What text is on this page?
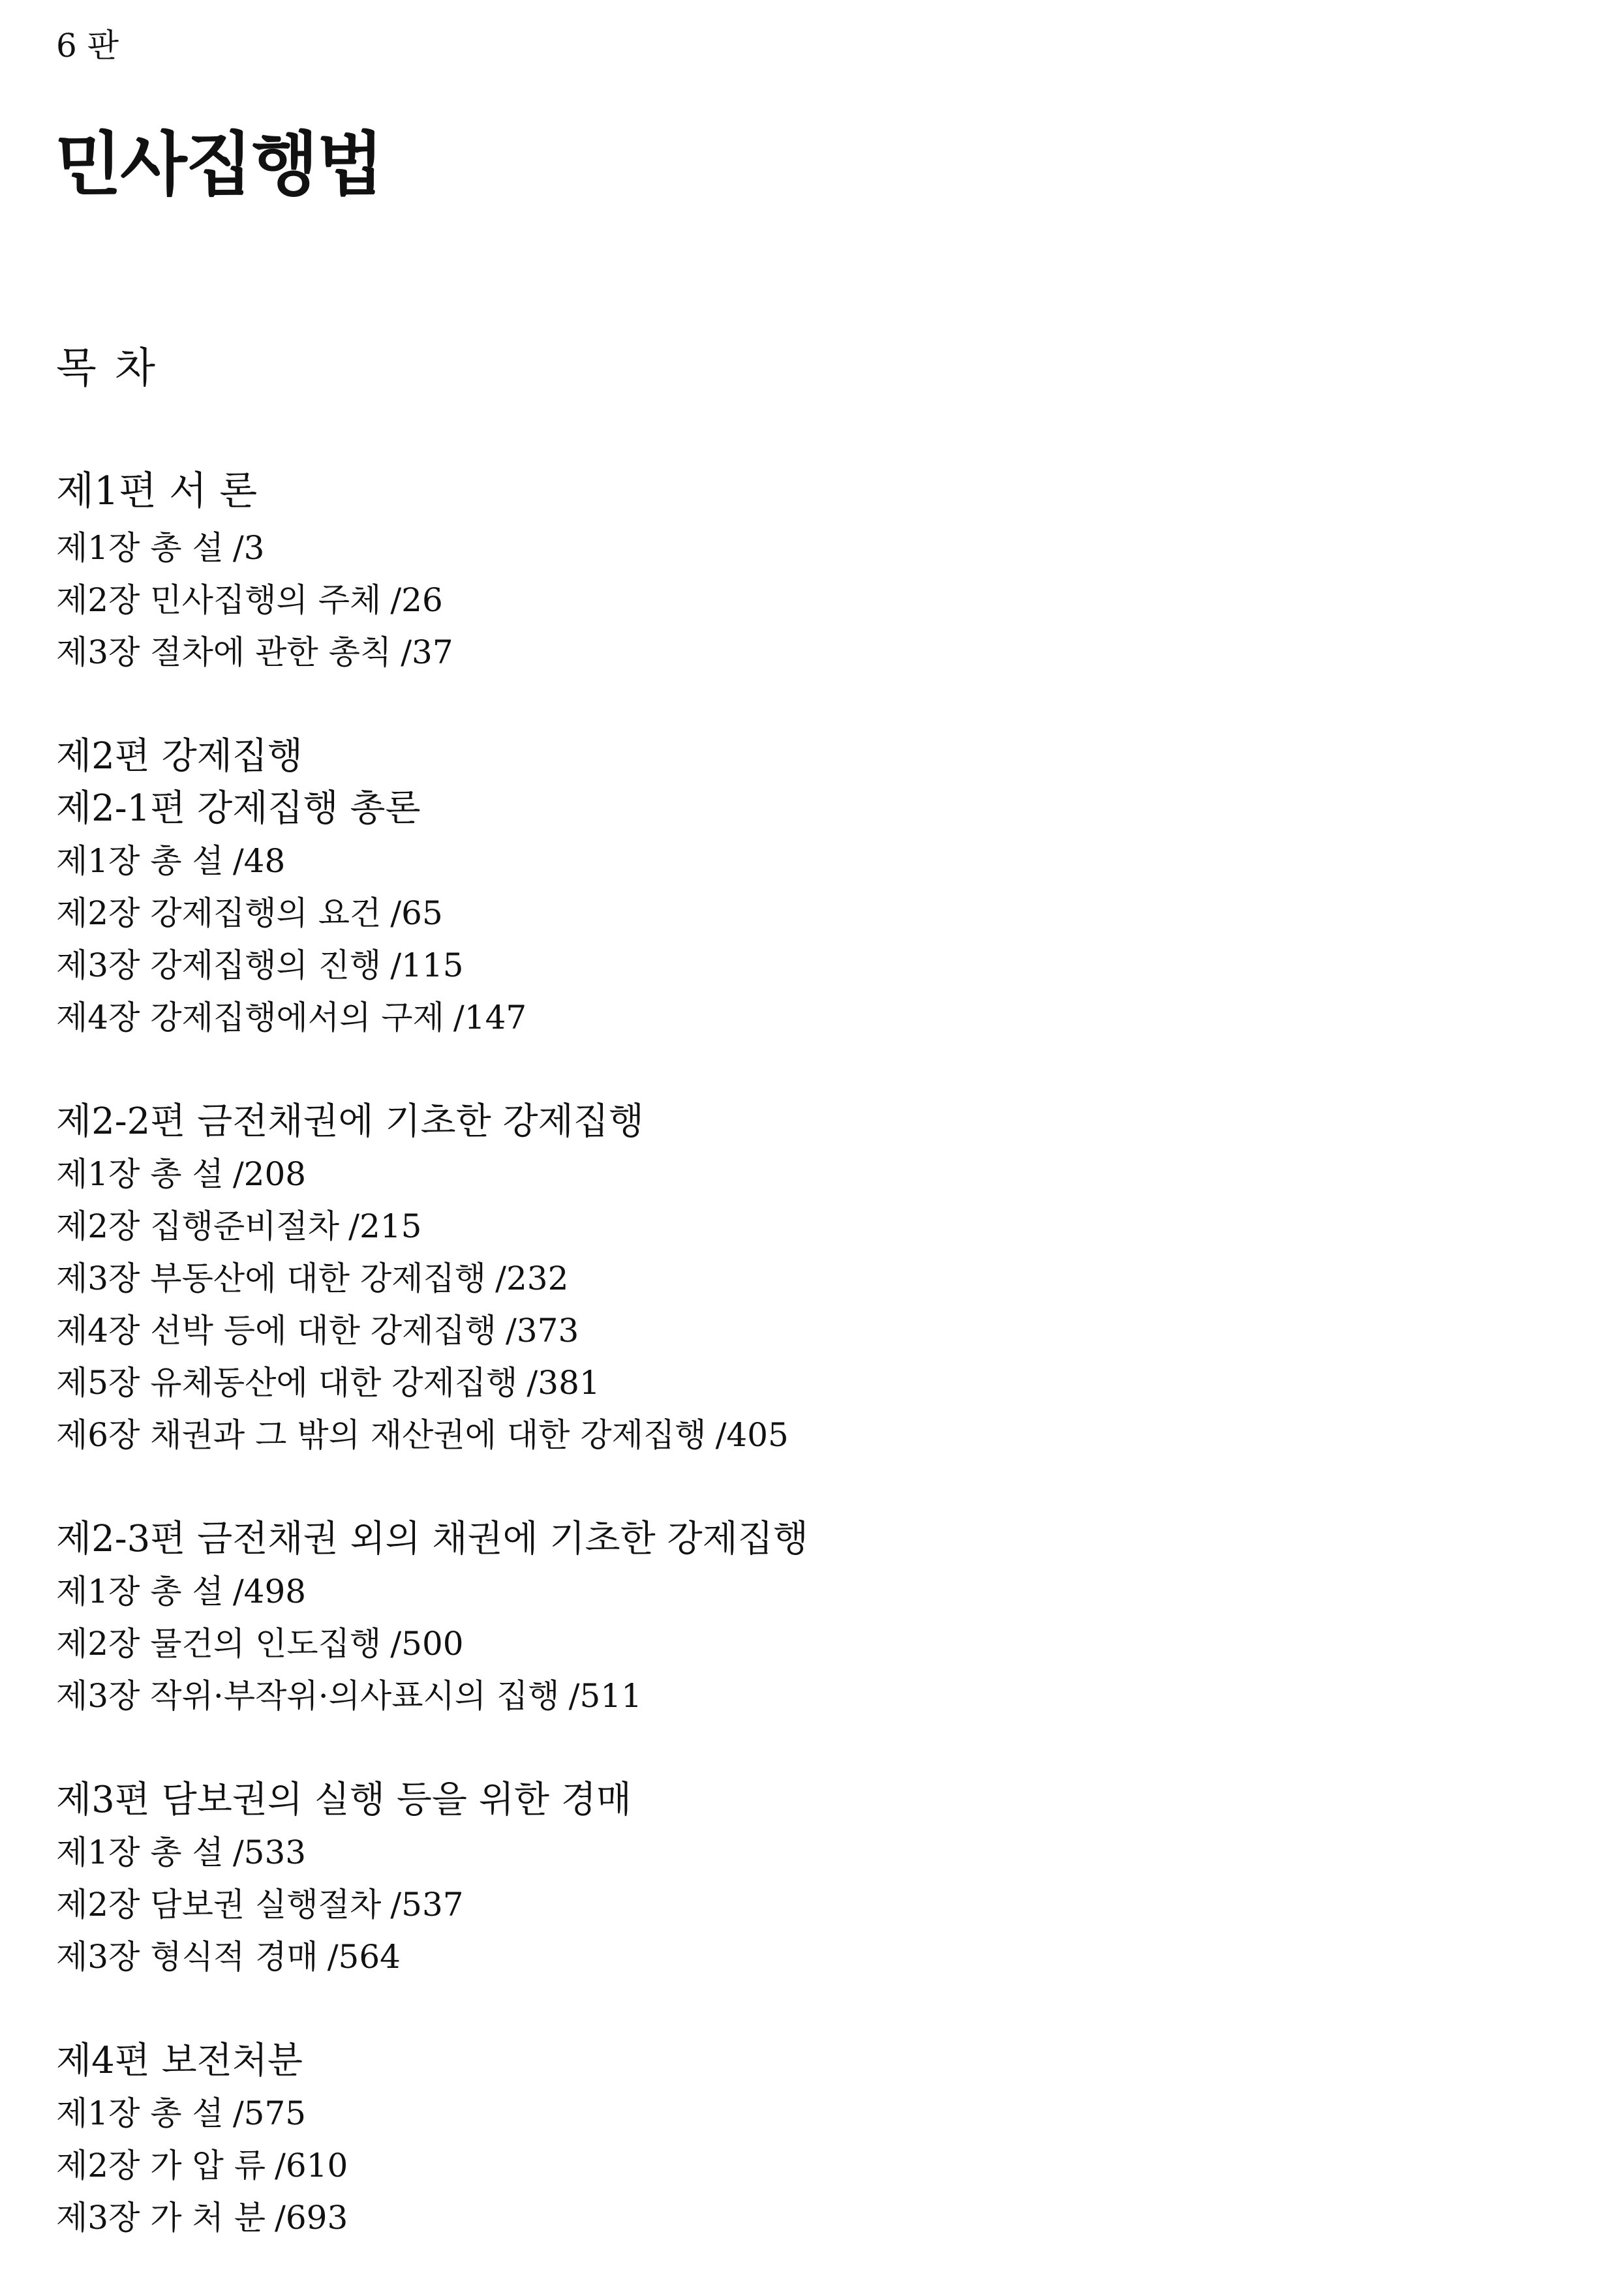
6 판
민사집행법
목 차
제1편 서 론
제1장 총 설 /3
제2장 민사집행의 주체 /26
제3장 절차에 관한 총칙 /37
제2편 강제집행
제2-1편 강제집행 총론
제1장 총 설 /48
제2장 강제집행의 요건 /65
제3장 강제집행의 진행 /115
제4장 강제집행에서의 구제 /147
제2-2편 금전채권에 기초한 강제집행
제1장 총 설 /208
제2장 집행준비절차 /215
제3장 부동산에 대한 강제집행 /232
제4장 선박 등에 대한 강제집행 /373
제5장 유체동산에 대한 강제집행 /381
제6장 채권과 그 밖의 재산권에 대한 강제집행 /405
제2-3편 금전채권 외의 채권에 기초한 강제집행
제1장 총 설 /498
제2장 물건의 인도집행 /500
제3장 작위·부작위·의사표시의 집행 /511
제3편 담보권의 실행 등을 위한 경매
제1장 총 설 /533
제2장 담보권 실행절차 /537
제3장 형식적 경매 /564
제4편 보전처분
제1장 총 설 /575
제2장 가 압 류 /610
제3장 가 처 분 /693
